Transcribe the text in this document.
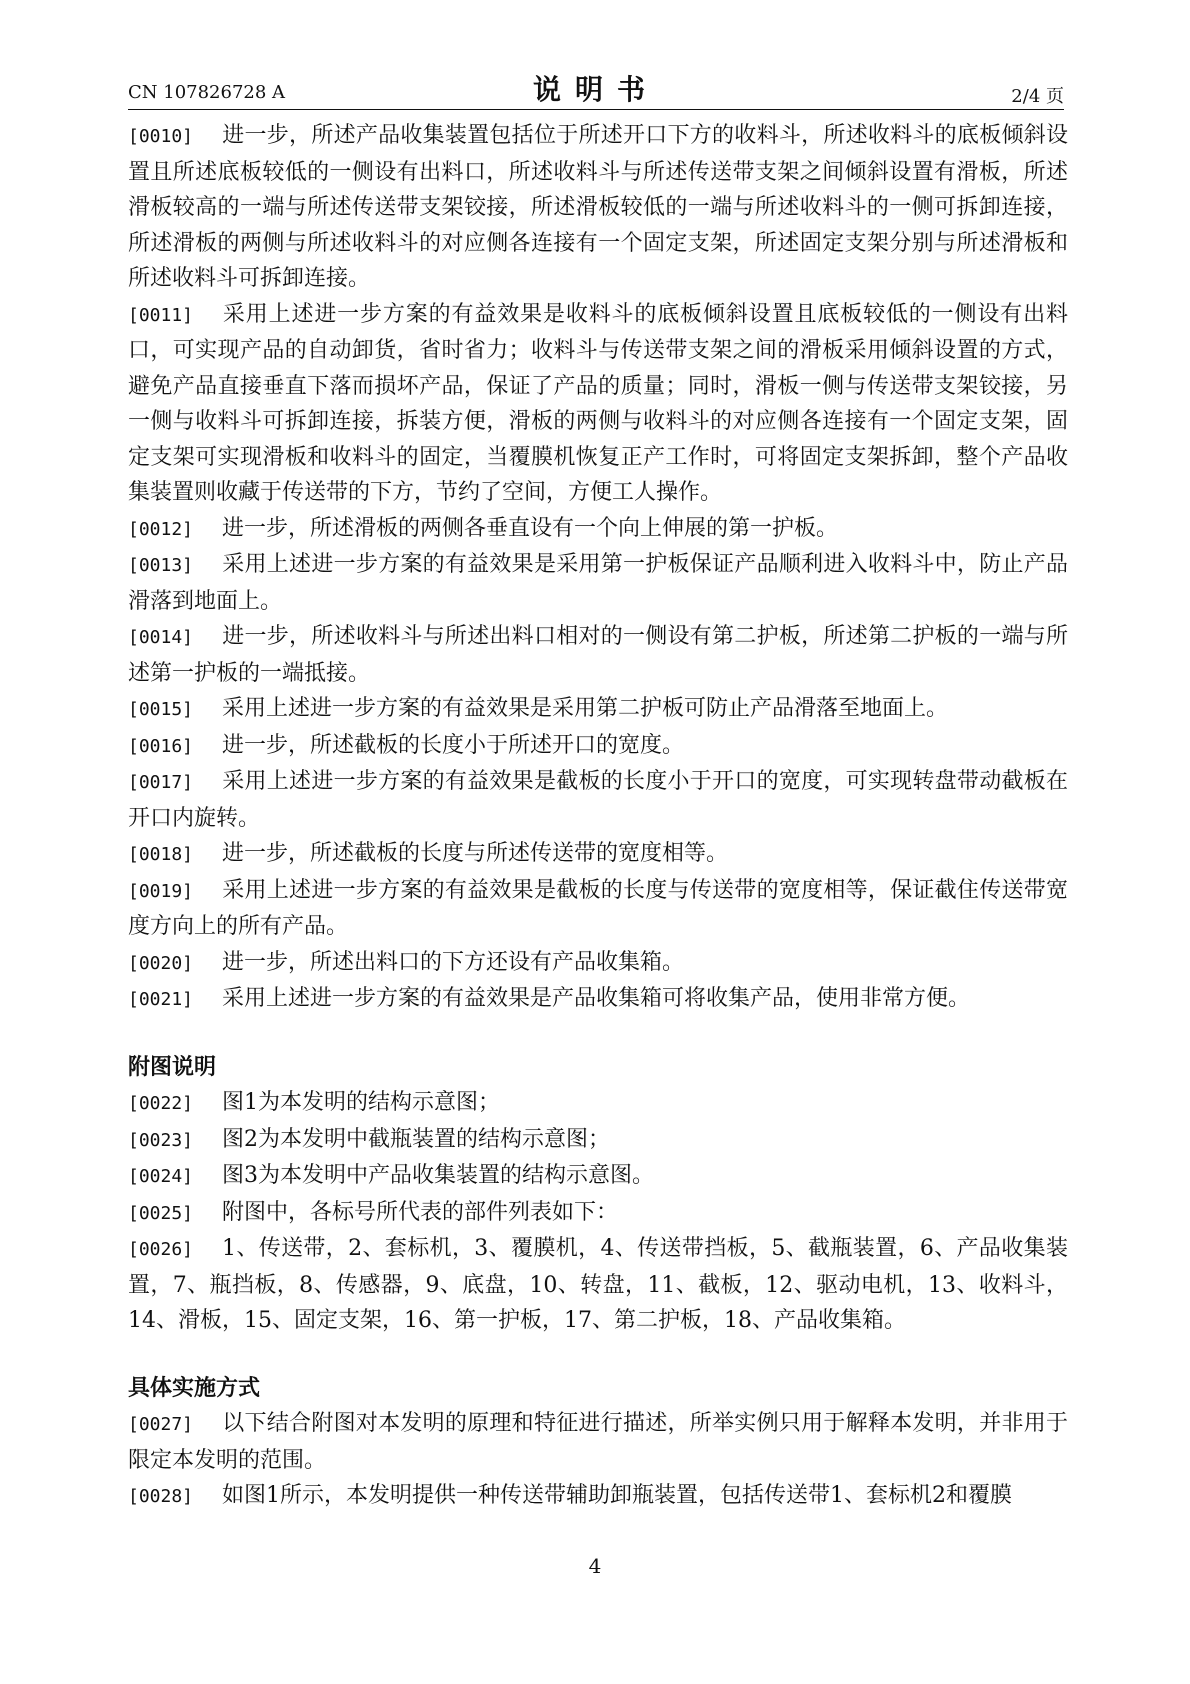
CN 107826728 A	说明书	2/4 页

[0010] 进一步，所述产品收集装置包括位于所述开口下方的收料斗，所述收料斗的底板倾斜设置且所述底板较低的一侧设有出料口，所述收料斗与所述传送带支架之间倾斜设置有滑板，所述滑板较高的一端与所述传送带支架铰接，所述滑板较低的一端与所述收料斗的一侧可拆卸连接，所述滑板的两侧与所述收料斗的对应侧各连接有一个固定支架，所述固定支架分别与所述滑板和所述收料斗可拆卸连接。

[0011] 采用上述进一步方案的有益效果是收料斗的底板倾斜设置且底板较低的一侧设有出料口，可实现产品的自动卸货，省时省力；收料斗与传送带支架之间的滑板采用倾斜设置的方式，避免产品直接垂直下落而损坏产品，保证了产品的质量；同时，滑板一侧与传送带支架铰接，另一侧与收料斗可拆卸连接，拆装方便，滑板的两侧与收料斗的对应侧各连接有一个固定支架，固定支架可实现滑板和收料斗的固定，当覆膜机恢复正产工作时，可将固定支架拆卸，整个产品收集装置则收藏于传送带的下方，节约了空间，方便工人操作。

[0012] 进一步，所述滑板的两侧各垂直设有一个向上伸展的第一护板。

[0013] 采用上述进一步方案的有益效果是采用第一护板保证产品顺利进入收料斗中，防止产品滑落到地面上。

[0014] 进一步，所述收料斗与所述出料口相对的一侧设有第二护板，所述第二护板的一端与所述第一护板的一端抵接。

[0015] 采用上述进一步方案的有益效果是采用第二护板可防止产品滑落至地面上。

[0016] 进一步，所述截板的长度小于所述开口的宽度。

[0017] 采用上述进一步方案的有益效果是截板的长度小于开口的宽度，可实现转盘带动截板在开口内旋转。

[0018] 进一步，所述截板的长度与所述传送带的宽度相等。

[0019] 采用上述进一步方案的有益效果是截板的长度与传送带的宽度相等，保证截住传送带宽度方向上的所有产品。

[0020] 进一步，所述出料口的下方还设有产品收集箱。

[0021] 采用上述进一步方案的有益效果是产品收集箱可将收集产品，使用非常方便。

附图说明

[0022] 图1为本发明的结构示意图；

[0023] 图2为本发明中截瓶装置的结构示意图；

[0024] 图3为本发明中产品收集装置的结构示意图。

[0025] 附图中，各标号所代表的部件列表如下：

[0026] 1、传送带，2、套标机，3、覆膜机，4、传送带挡板，5、截瓶装置，6、产品收集装置，7、瓶挡板，8、传感器，9、底盘，10、转盘，11、截板，12、驱动电机，13、收料斗，14、滑板，15、固定支架，16、第一护板，17、第二护板，18、产品收集箱。

具体实施方式

[0027] 以下结合附图对本发明的原理和特征进行描述，所举实例只用于解释本发明，并非用于限定本发明的范围。

[0028] 如图1所示，本发明提供一种传送带辅助卸瓶装置，包括传送带1、套标机2和覆膜

4
